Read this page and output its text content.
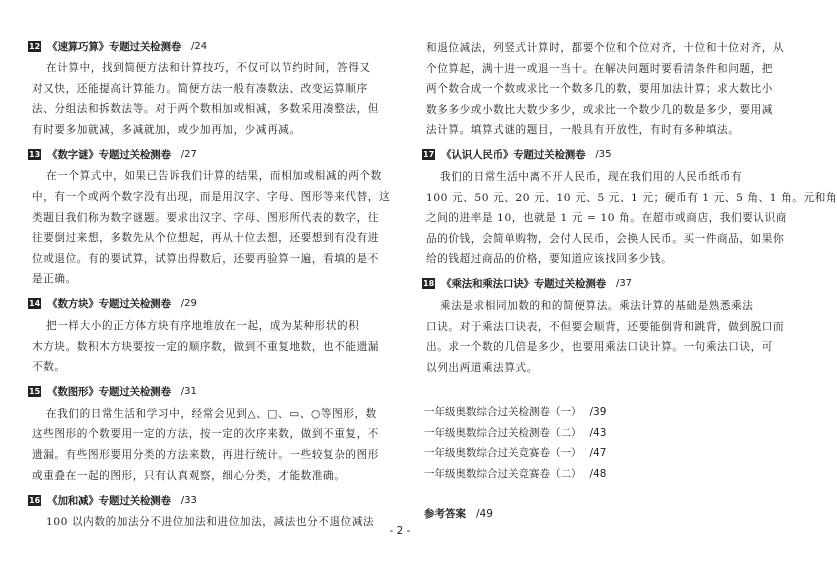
12 《速算巧算》专题过关检测卷 /24
在计算中，找到简便方法和计算技巧，不仅可以节约时间，答得又
对又快，还能提高计算能力。简便方法一般有凑数法、改变运算顺序
法、分组法和拆数法等。对于两个数相加或相减，多数采用凑整法，但
有时要多加就减，多减就加，或少加再加，少减再减。
13 《数字谜》专题过关检测卷 /27
在一个算式中，如果已告诉我们计算的结果，而相加或相减的两个数
中，有一个或两个数字没有出现，而是用汉字、字母、图形等来代替，这
类题目我们称为数字谜题。要求出汉字、字母、图形所代表的数字，往
往要倒过来想，多数先从个位想起，再从十位去想，还要想到有没有进
位或退位。有的要试算，试算出得数后，还要再验算一遍，看填的是不
是正确。
14 《数方块》专题过关检测卷 /29
把一样大小的正方体方块有序地堆放在一起，成为某种形状的积
木方块。数积木方块要按一定的顺序数，做到不重复地数，也不能遗漏
不数。
15 《数图形》专题过关检测卷 /31
在我们的日常生活和学习中，经常会见到△、□、▭、○等图形，数
这些图形的个数要用一定的方法，按一定的次序来数，做到不重复，不
遗漏。有些图形要用分类的方法来数，再进行统计。一些较复杂的图形
或重叠在一起的图形，只有认真观察，细心分类，才能数准确。
16 《加和减》专题过关检测卷 /33
100 以内数的加法分不进位加法和进位加法，减法也分不退位减法
和退位减法，列竖式计算时，都要个位和个位对齐，十位和十位对齐，从
个位算起，满十进一或退一当十。在解决问题时要看清条件和问题，把
两个数合成一个数或求比一个数多几的数，要用加法计算；求大数比小
数多多少或小数比大数少多少，或求比一个数少几的数是多少，要用减
法计算。填算式谜的题目，一般具有开放性，有时有多种填法。
17 《认识人民币》专题过关检测卷 /35
我们的日常生活中离不开人民币，现在我们用的人民币纸币有
100 元、50 元、20 元、10 元、5 元、1 元；硬币有 1 元、5 角、1 角。元和角
之间的进率是 10，也就是 1 元 = 10 角。在超市或商店，我们要认识商
品的价钱，会简单购物，会付人民币，会换人民币。买一件商品，如果你
给的钱超过商品的价格，要知道应该找回多少钱。
18 《乘法和乘法口诀》专题过关检测卷 /37
乘法是求相同加数的和的简便算法。乘法计算的基础是熟悉乘法
口诀。对于乘法口诀表，不但要会顺背，还要能倒背和跳背，做到脱口而
出。求一个数的几倍是多少，也要用乘法口诀计算。一句乘法口诀，可
以列出两道乘法算式。
一年级奥数综合过关检测卷（一） /39
一年级奥数综合过关检测卷（二） /43
一年级奥数综合过关竞赛卷（一） /47
一年级奥数综合过关竞赛卷（二） /48
参考答案 /49
- 2 -
